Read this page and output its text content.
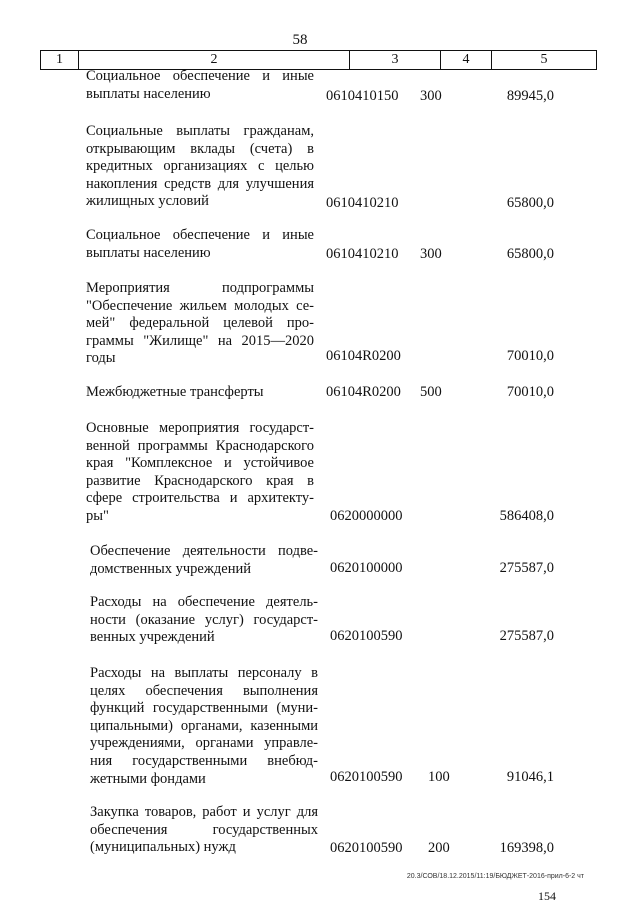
58
1	2	3	4	5
Социальное обеспечение и иные выплаты населению	0610410150 300	89945,0
Социальные выплаты гражданам, открывающим вклады (счета) в кредитных организациях с целью накопления средств для улучшения жилищных условий	0610410210	65800,0
Социальное обеспечение и иные выплаты населению	0610410210 300	65800,0
Мероприятия подпрограммы "Обеспечение жильем молодых се-мей" федеральной целевой про-граммы "Жилище" на 2015—2020 годы	06104R0200	70010,0
Межбюджетные трансферты	06104R0200 500	70010,0
Основные мероприятия государст-венной программы Краснодарского края "Комплексное и устойчивое развитие Краснодарского края в сфере строительства и архитекту-ры"	0620000000	586408,0
Обеспечение деятельности подве-домственных учреждений	0620100000	275587,0
Расходы на обеспечение деятель-ности (оказание услуг) государст-венных учреждений	0620100590	275587,0
Расходы на выплаты персоналу в целях обеспечения выполнения функций государственными (муни-ципальными) органами, казенными учреждениями, органами управле-ния государственными внебюд-жетными фондами	0620100590 100	91046,1
Закупка товаров, работ и услуг для обеспечения государственных (муниципальных) нужд	0620100590 200	169398,0
20.3/СОВ/18.12.2015/11:19/БЮДЖЕТ-2016-прил-6-2 чт
154
